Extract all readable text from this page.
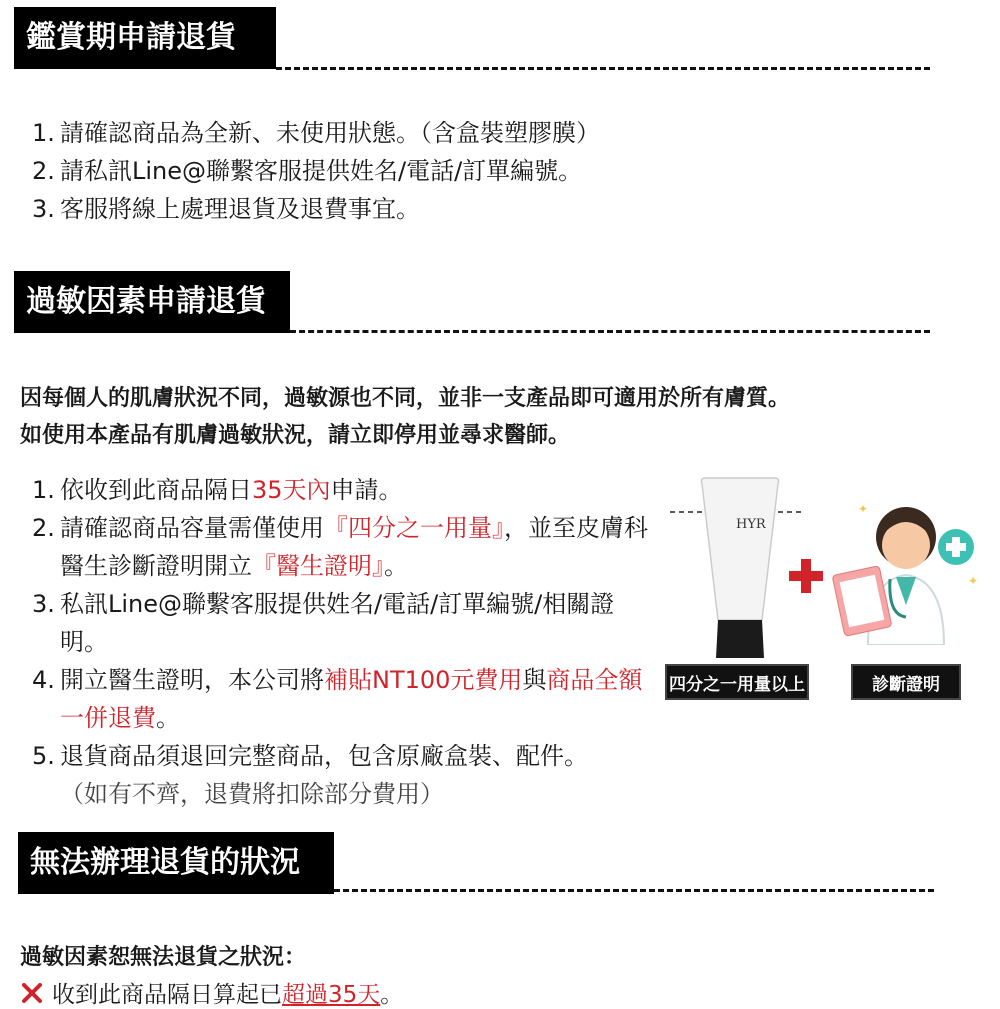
鑑賞期申請退貨
1. 請確認商品為全新、未使用狀態。（含盒裝塑膠膜）
2. 請私訊Line@聯繫客服提供姓名/電話/訂單編號。
3. 客服將線上處理退貨及退費事宜。
過敏因素申請退貨
因每個人的肌膚狀況不同，過敏源也不同，並非一支產品即可適用於所有膚質。
如使用本產品有肌膚過敏狀況，請立即停用並尋求醫師。
1. 依收到此商品隔日35天內申請。
2. 請確認商品容量需僅使用『四分之一用量』，並至皮膚科醫生診斷證明開立『醫生證明』。
3. 私訊Line@聯繫客服提供姓名/電話/訂單編號/相關證明。
4. 開立醫生證明，本公司將補貼NT100元費用與商品全額一併退費。
5. 退貨商品須退回完整商品，包含原廠盒裝、配件。
（如有不齊，退費將扣除部分費用）
HYR
✦
✦
四分之一用量以上	診斷證明
無法辦理退貨的狀況
過敏因素恕無法退貨之狀況：
收到此商品隔日算起已超過35天。
